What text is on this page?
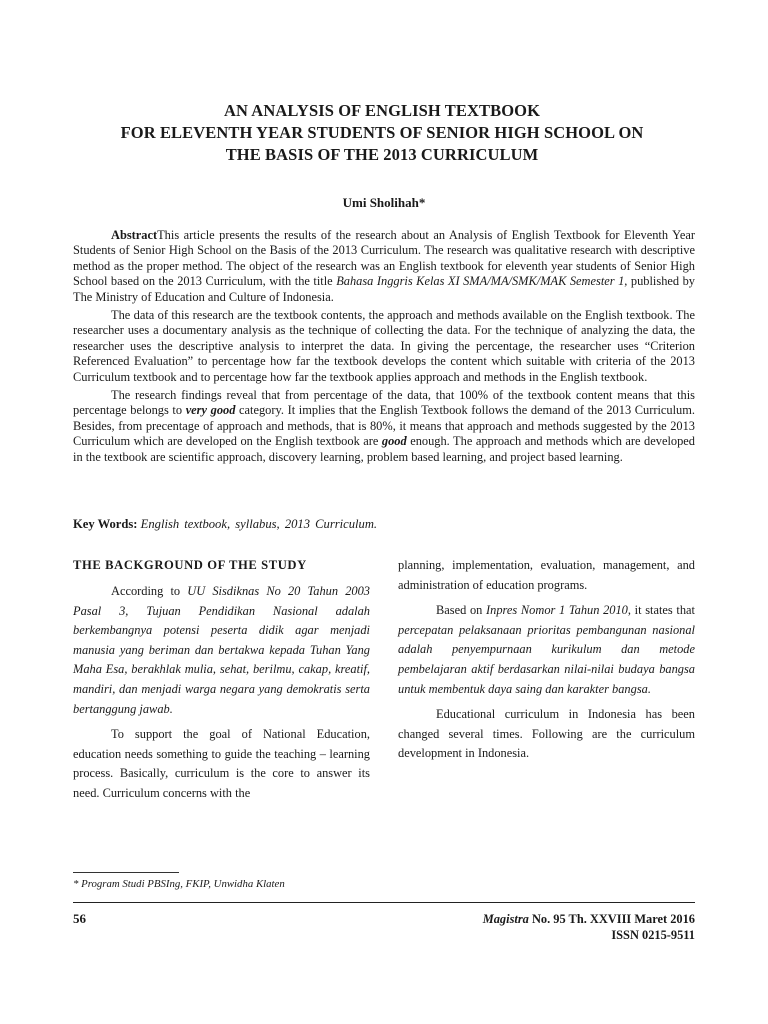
AN ANALYSIS OF ENGLISH TEXTBOOK
FOR ELEVENTH YEAR STUDENTS OF SENIOR HIGH SCHOOL ON
THE BASIS OF THE 2013 CURRICULUM
Umi Sholihah*

AbstractThis article presents the results of the research about an Analysis of English Textbook for Eleventh Year Students of Senior High School on the Basis of the 2013 Curriculum. The research was qualitative research with descriptive method as the proper method. The object of the research was an English textbook for eleventh year students of Senior High School based on the 2013 Curriculum, with the title Bahasa Inggris Kelas XI SMA/MA/SMK/MAK Semester 1, published by The Ministry of Education and Culture of Indonesia.

The data of this research are the textbook contents, the approach and methods available on the English textbook. The researcher uses a documentary analysis as the technique of collecting the data. For the technique of analyzing the data, the researcher uses the descriptive analysis to interpret the data. In giving the percentage, the researcher uses “Criterion Referenced Evaluation” to percentage how far the textbook develops the content which suitable with criteria of the 2013 Curriculum textbook and to percentage how far the textbook applies approach and methods in the English textbook.

The research findings reveal that from percentage of the data, that 100% of the textbook content means that this percentage belongs to very good category. It implies that the English Textbook follows the demand of the 2013 Curriculum. Besides, from precentage of approach and methods, that is 80%, it means that approach and methods suggested by the 2013 Curriculum which are developed on the English textbook are good enough. The approach and methods which are developed in the textbook are scientific approach, discovery learning, problem based learning, and project based learning.

Key Words: English textbook, syllabus, 2013 Curriculum.
THE BACKGROUND OF THE STUDY

According to UU Sisdiknas No 20 Tahun 2003 Pasal 3, Tujuan Pendidikan Nasional adalah berkembangnya potensi peserta didik agar menjadi manusia yang beriman dan bertakwa kepada Tuhan Yang Maha Esa, berakhlak mulia, sehat, berilmu, cakap, kreatif, mandiri, dan menjadi warga negara yang demokratis serta bertanggung jawab.

To support the goal of National Education, education needs something to guide the teaching – learning process. Basically, curriculum is the core to answer its need. Curriculum concerns with the

planning, implementation, evaluation, management, and administration of education programs.

Based on Inpres Nomor 1 Tahun 2010, it states that percepatan pelaksanaan prioritas pembangunan nasional adalah penyempurnaan kurikulum dan metode pembelajaran aktif berdasarkan nilai-nilai budaya bangsa untuk membentuk daya saing dan karakter bangsa.

Educational curriculum in Indonesia has been changed several times. Following are the curriculum development in Indonesia.

* Program Studi PBSIng, FKIP, Unwidha Klaten
56	Magistra No. 95 Th. XXVIII Maret 2016
ISSN 0215-9511
